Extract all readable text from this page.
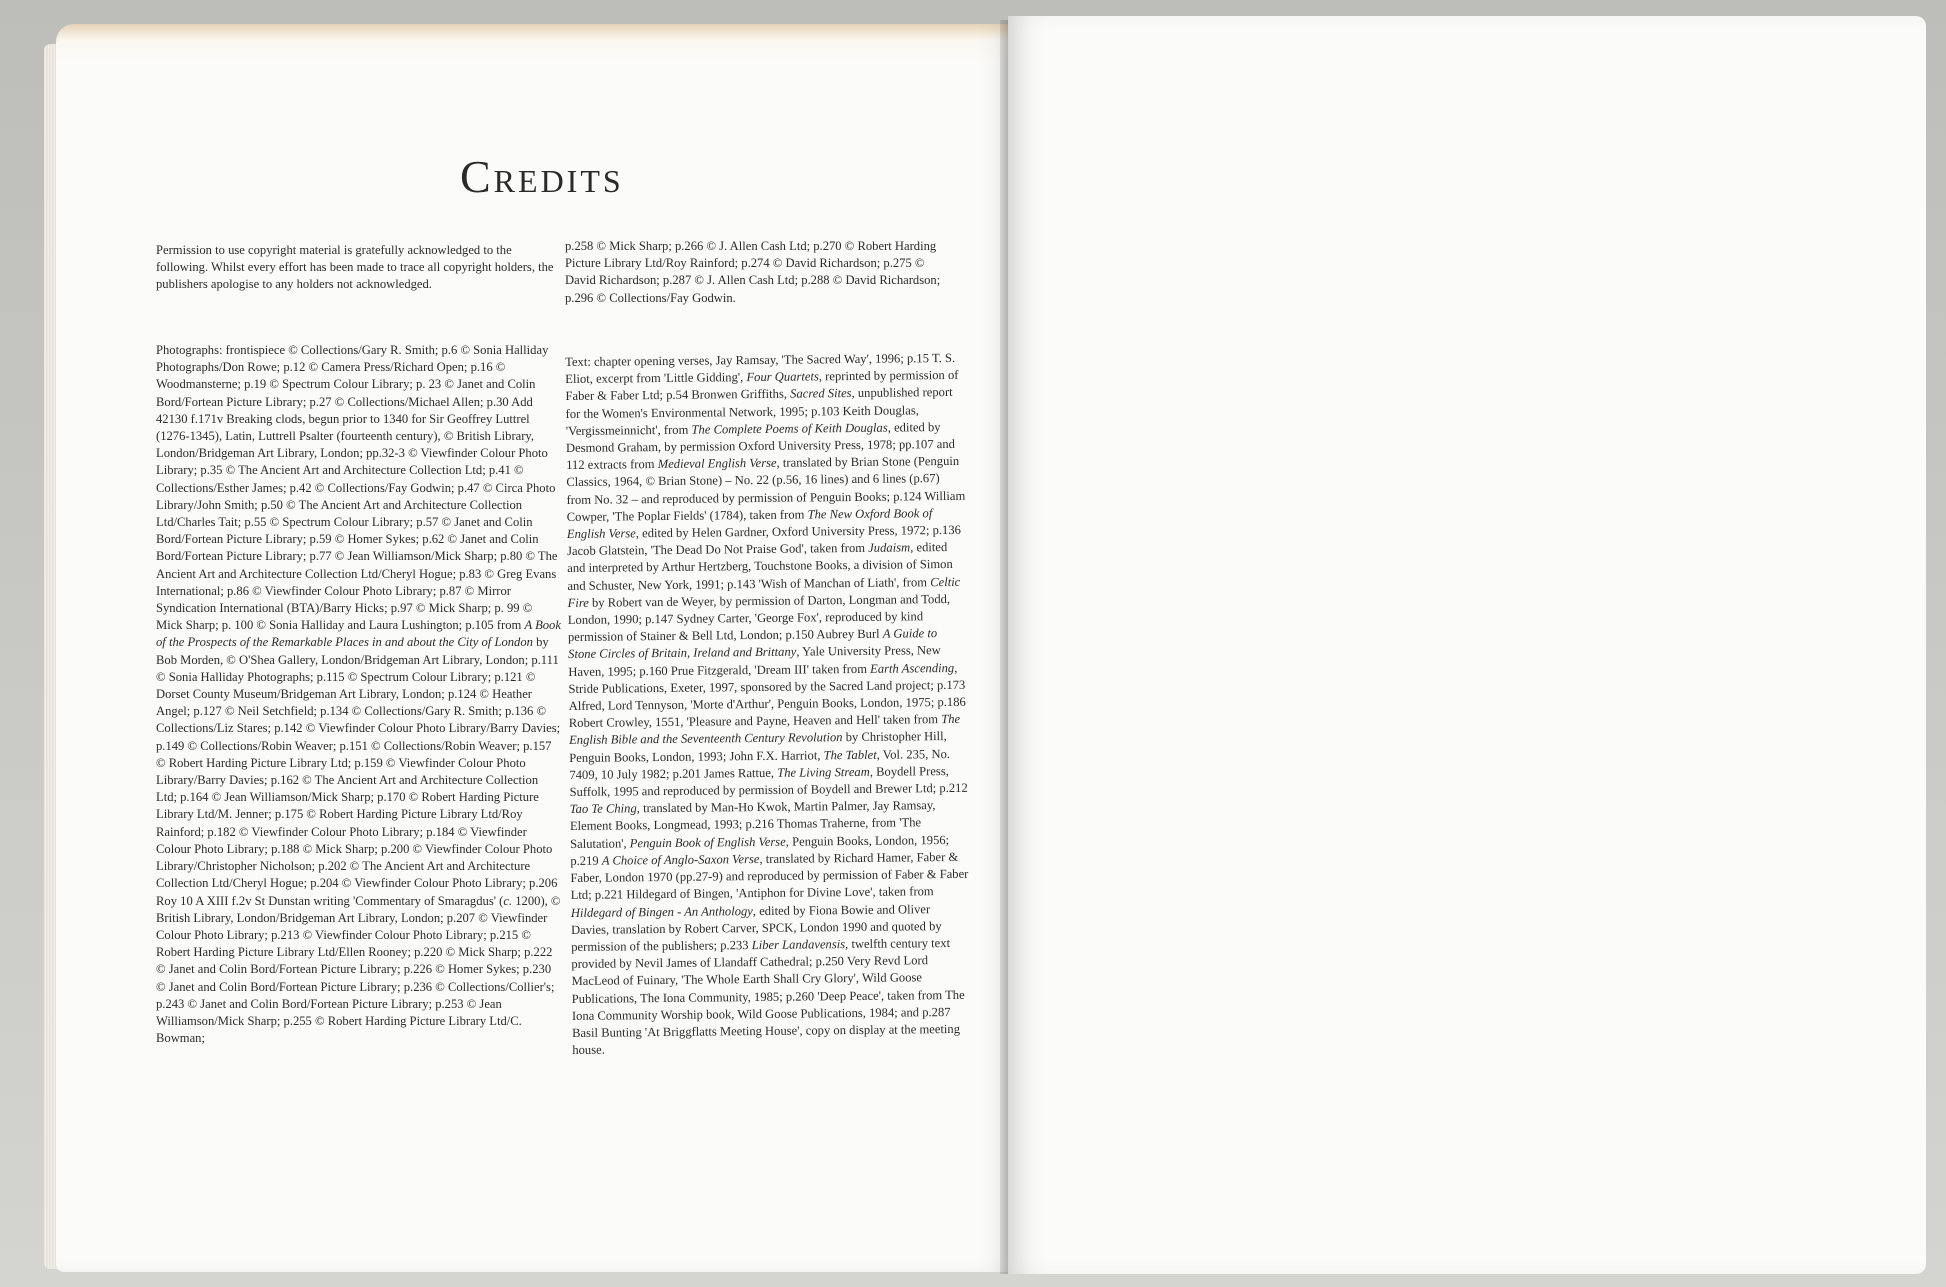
Credits

Permission to use copyright material is gratefully acknowledged to the following. Whilst every effort has been made to trace all copyright holders, the publishers apologise to any holders not acknowledged.

Photographs: frontispiece © Collections/Gary R. Smith; p.6 © Sonia Halliday Photographs/Don Rowe; p.12 © Camera Press/Richard Open; p.16 © Woodmansterne; p.19 © Spectrum Colour Library; p. 23 © Janet and Colin Bord/Fortean Picture Library; p.27 © Collections/Michael Allen; p.30 Add 42130 f.171v Breaking clods, begun prior to 1340 for Sir Geoffrey Luttrel (1276-1345), Latin, Luttrell Psalter (fourteenth century), © British Library, London/Bridgeman Art Library, London; pp.32-3 © Viewfinder Colour Photo Library; p.35 © The Ancient Art and Architecture Collection Ltd; p.41 © Collections/Esther James; p.42 © Collections/Fay Godwin; p.47 © Circa Photo Library/John Smith; p.50 © The Ancient Art and Architecture Collection Ltd/Charles Tait; p.55 © Spectrum Colour Library; p.57 © Janet and Colin Bord/Fortean Picture Library; p.59 © Homer Sykes; p.62 © Janet and Colin Bord/Fortean Picture Library; p.77 © Jean Williamson/Mick Sharp; p.80 © The Ancient Art and Architecture Collection Ltd/Cheryl Hogue; p.83 © Greg Evans International; p.86 © Viewfinder Colour Photo Library; p.87 © Mirror Syndication International (BTA)/Barry Hicks; p.97 © Mick Sharp; p. 99 © Mick Sharp; p. 100 © Sonia Halliday and Laura Lushington; p.105 from A Book of the Prospects of the Remarkable Places in and about the City of London by Bob Morden, © O'Shea Gallery, London/Bridgeman Art Library, London; p.111 © Sonia Halliday Photographs; p.115 © Spectrum Colour Library; p.121 © Dorset County Museum/Bridgeman Art Library, London; p.124 © Heather Angel; p.127 © Neil Setchfield; p.134 © Collections/Gary R. Smith; p.136 © Collections/Liz Stares; p.142 © Viewfinder Colour Photo Library/Barry Davies; p.149 © Collections/Robin Weaver; p.151 © Collections/Robin Weaver; p.157 © Robert Harding Picture Library Ltd; p.159 © Viewfinder Colour Photo Library/Barry Davies; p.162 © The Ancient Art and Architecture Collection Ltd; p.164 © Jean Williamson/Mick Sharp; p.170 © Robert Harding Picture Library Ltd/M. Jenner; p.175 © Robert Harding Picture Library Ltd/Roy Rainford; p.182 © Viewfinder Colour Photo Library; p.184 © Viewfinder Colour Photo Library; p.188 © Mick Sharp; p.200 © Viewfinder Colour Photo Library/Christopher Nicholson; p.202 © The Ancient Art and Architecture Collection Ltd/Cheryl Hogue; p.204 © Viewfinder Colour Photo Library; p.206 Roy 10 A XIII f.2v St Dunstan writing 'Commentary of Smaragdus' (c. 1200), © British Library, London/Bridgeman Art Library, London; p.207 © Viewfinder Colour Photo Library; p.213 © Viewfinder Colour Photo Library; p.215 © Robert Harding Picture Library Ltd/Ellen Rooney; p.220 © Mick Sharp; p.222 © Janet and Colin Bord/Fortean Picture Library; p.226 © Homer Sykes; p.230 © Janet and Colin Bord/Fortean Picture Library; p.236 © Collections/Collier's; p.243 © Janet and Colin Bord/Fortean Picture Library; p.253 © Jean Williamson/Mick Sharp; p.255 © Robert Harding Picture Library Ltd/C. Bowman;

p.258 © Mick Sharp; p.266 © J. Allen Cash Ltd; p.270 © Robert Harding Picture Library Ltd/Roy Rainford; p.274 © David Richardson; p.275 © David Richardson; p.287 © J. Allen Cash Ltd; p.288 © David Richardson; p.296 © Collections/Fay Godwin.

Text: chapter opening verses, Jay Ramsay, 'The Sacred Way', 1996; p.15 T. S. Eliot, excerpt from 'Little Gidding', Four Quartets, reprinted by permission of Faber & Faber Ltd; p.54 Bronwen Griffiths, Sacred Sites, unpublished report for the Women's Environmental Network, 1995; p.103 Keith Douglas, 'Vergissmeinnicht', from The Complete Poems of Keith Douglas, edited by Desmond Graham, by permission Oxford University Press, 1978; pp.107 and 112 extracts from Medieval English Verse, translated by Brian Stone (Penguin Classics, 1964, © Brian Stone) – No. 22 (p.56, 16 lines) and 6 lines (p.67) from No. 32 – and reproduced by permission of Penguin Books; p.124 William Cowper, 'The Poplar Fields' (1784), taken from The New Oxford Book of English Verse, edited by Helen Gardner, Oxford University Press, 1972; p.136 Jacob Glatstein, 'The Dead Do Not Praise God', taken from Judaism, edited and interpreted by Arthur Hertzberg, Touchstone Books, a division of Simon and Schuster, New York, 1991; p.143 'Wish of Manchan of Liath', from Celtic Fire by Robert van de Weyer, by permission of Darton, Longman and Todd, London, 1990; p.147 Sydney Carter, 'George Fox', reproduced by kind permission of Stainer & Bell Ltd, London; p.150 Aubrey Burl A Guide to Stone Circles of Britain, Ireland and Brittany, Yale University Press, New Haven, 1995; p.160 Prue Fitzgerald, 'Dream III' taken from Earth Ascending, Stride Publications, Exeter, 1997, sponsored by the Sacred Land project; p.173 Alfred, Lord Tennyson, 'Morte d'Arthur', Penguin Books, London, 1975; p.186 Robert Crowley, 1551, 'Pleasure and Payne, Heaven and Hell' taken from The English Bible and the Seventeenth Century Revolution by Christopher Hill, Penguin Books, London, 1993; John F.X. Harriot, The Tablet, Vol. 235, No. 7409, 10 July 1982; p.201 James Rattue, The Living Stream, Boydell Press, Suffolk, 1995 and reproduced by permission of Boydell and Brewer Ltd; p.212 Tao Te Ching, translated by Man-Ho Kwok, Martin Palmer, Jay Ramsay, Element Books, Longmead, 1993; p.216 Thomas Traherne, from 'The Salutation', Penguin Book of English Verse, Penguin Books, London, 1956; p.219 A Choice of Anglo-Saxon Verse, translated by Richard Hamer, Faber & Faber, London 1970 (pp.27-9) and reproduced by permission of Faber & Faber Ltd; p.221 Hildegard of Bingen, 'Antiphon for Divine Love', taken from Hildegard of Bingen - An Anthology, edited by Fiona Bowie and Oliver Davies, translation by Robert Carver, SPCK, London 1990 and quoted by permission of the publishers; p.233 Liber Landavensis, twelfth century text provided by Nevil James of Llandaff Cathedral; p.250 Very Revd Lord MacLeod of Fuinary, 'The Whole Earth Shall Cry Glory', Wild Goose Publications, The Iona Community, 1985; p.260 'Deep Peace', taken from The Iona Community Worship book, Wild Goose Publications, 1984; and p.287 Basil Bunting 'At Briggflatts Meeting House', copy on display at the meeting house.
